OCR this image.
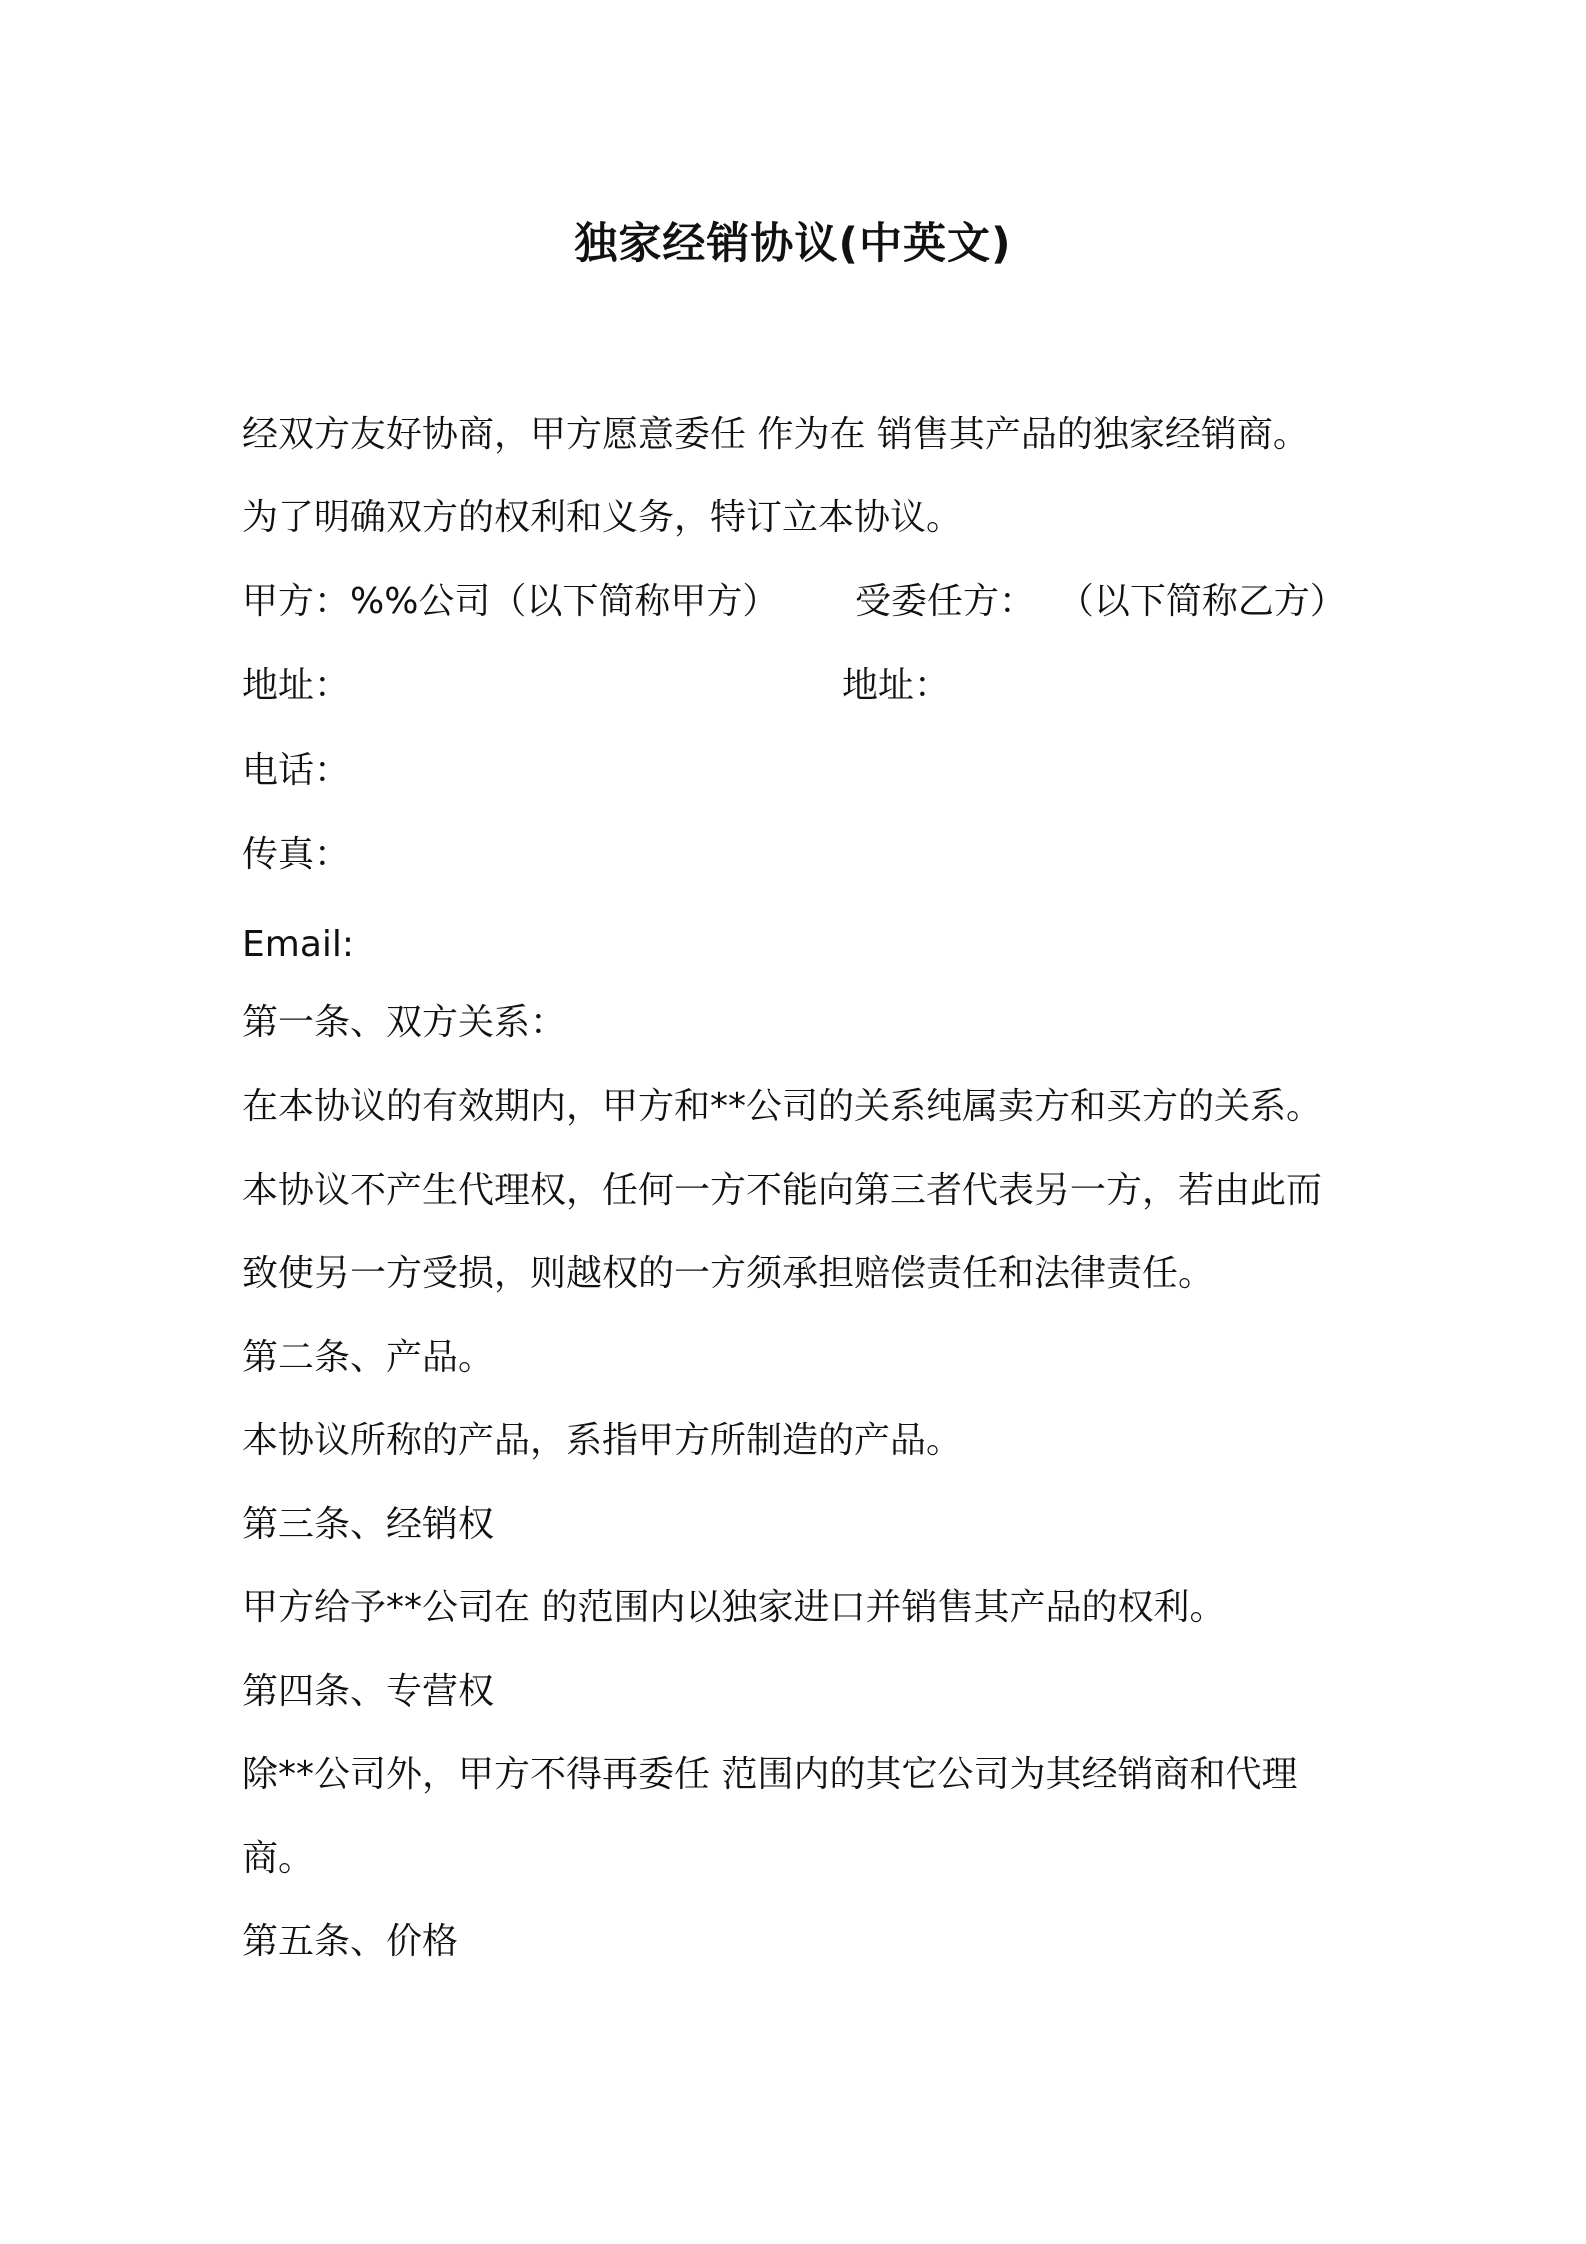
独家经销协议(中英文)
经双方友好协商，甲方愿意委任 作为在 销售其产品的独家经销商。
为了明确双方的权利和义务，特订立本协议。
甲方：%%公司（以下简称甲方） 受委任方：  （以下简称乙方）
地址：	地址：
电话：
传真：
Email:
第一条、双方关系：
在本协议的有效期内，甲方和**公司的关系纯属卖方和买方的关系。
本协议不产生代理权，任何一方不能向第三者代表另一方，若由此而
致使另一方受损，则越权的一方须承担赔偿责任和法律责任。
第二条、产品。
本协议所称的产品，系指甲方所制造的产品。
第三条、经销权
甲方给予**公司在 的范围内以独家进口并销售其产品的权利。
第四条、专营权
除**公司外，甲方不得再委任 范围内的其它公司为其经销商和代理
商。
第五条、价格
